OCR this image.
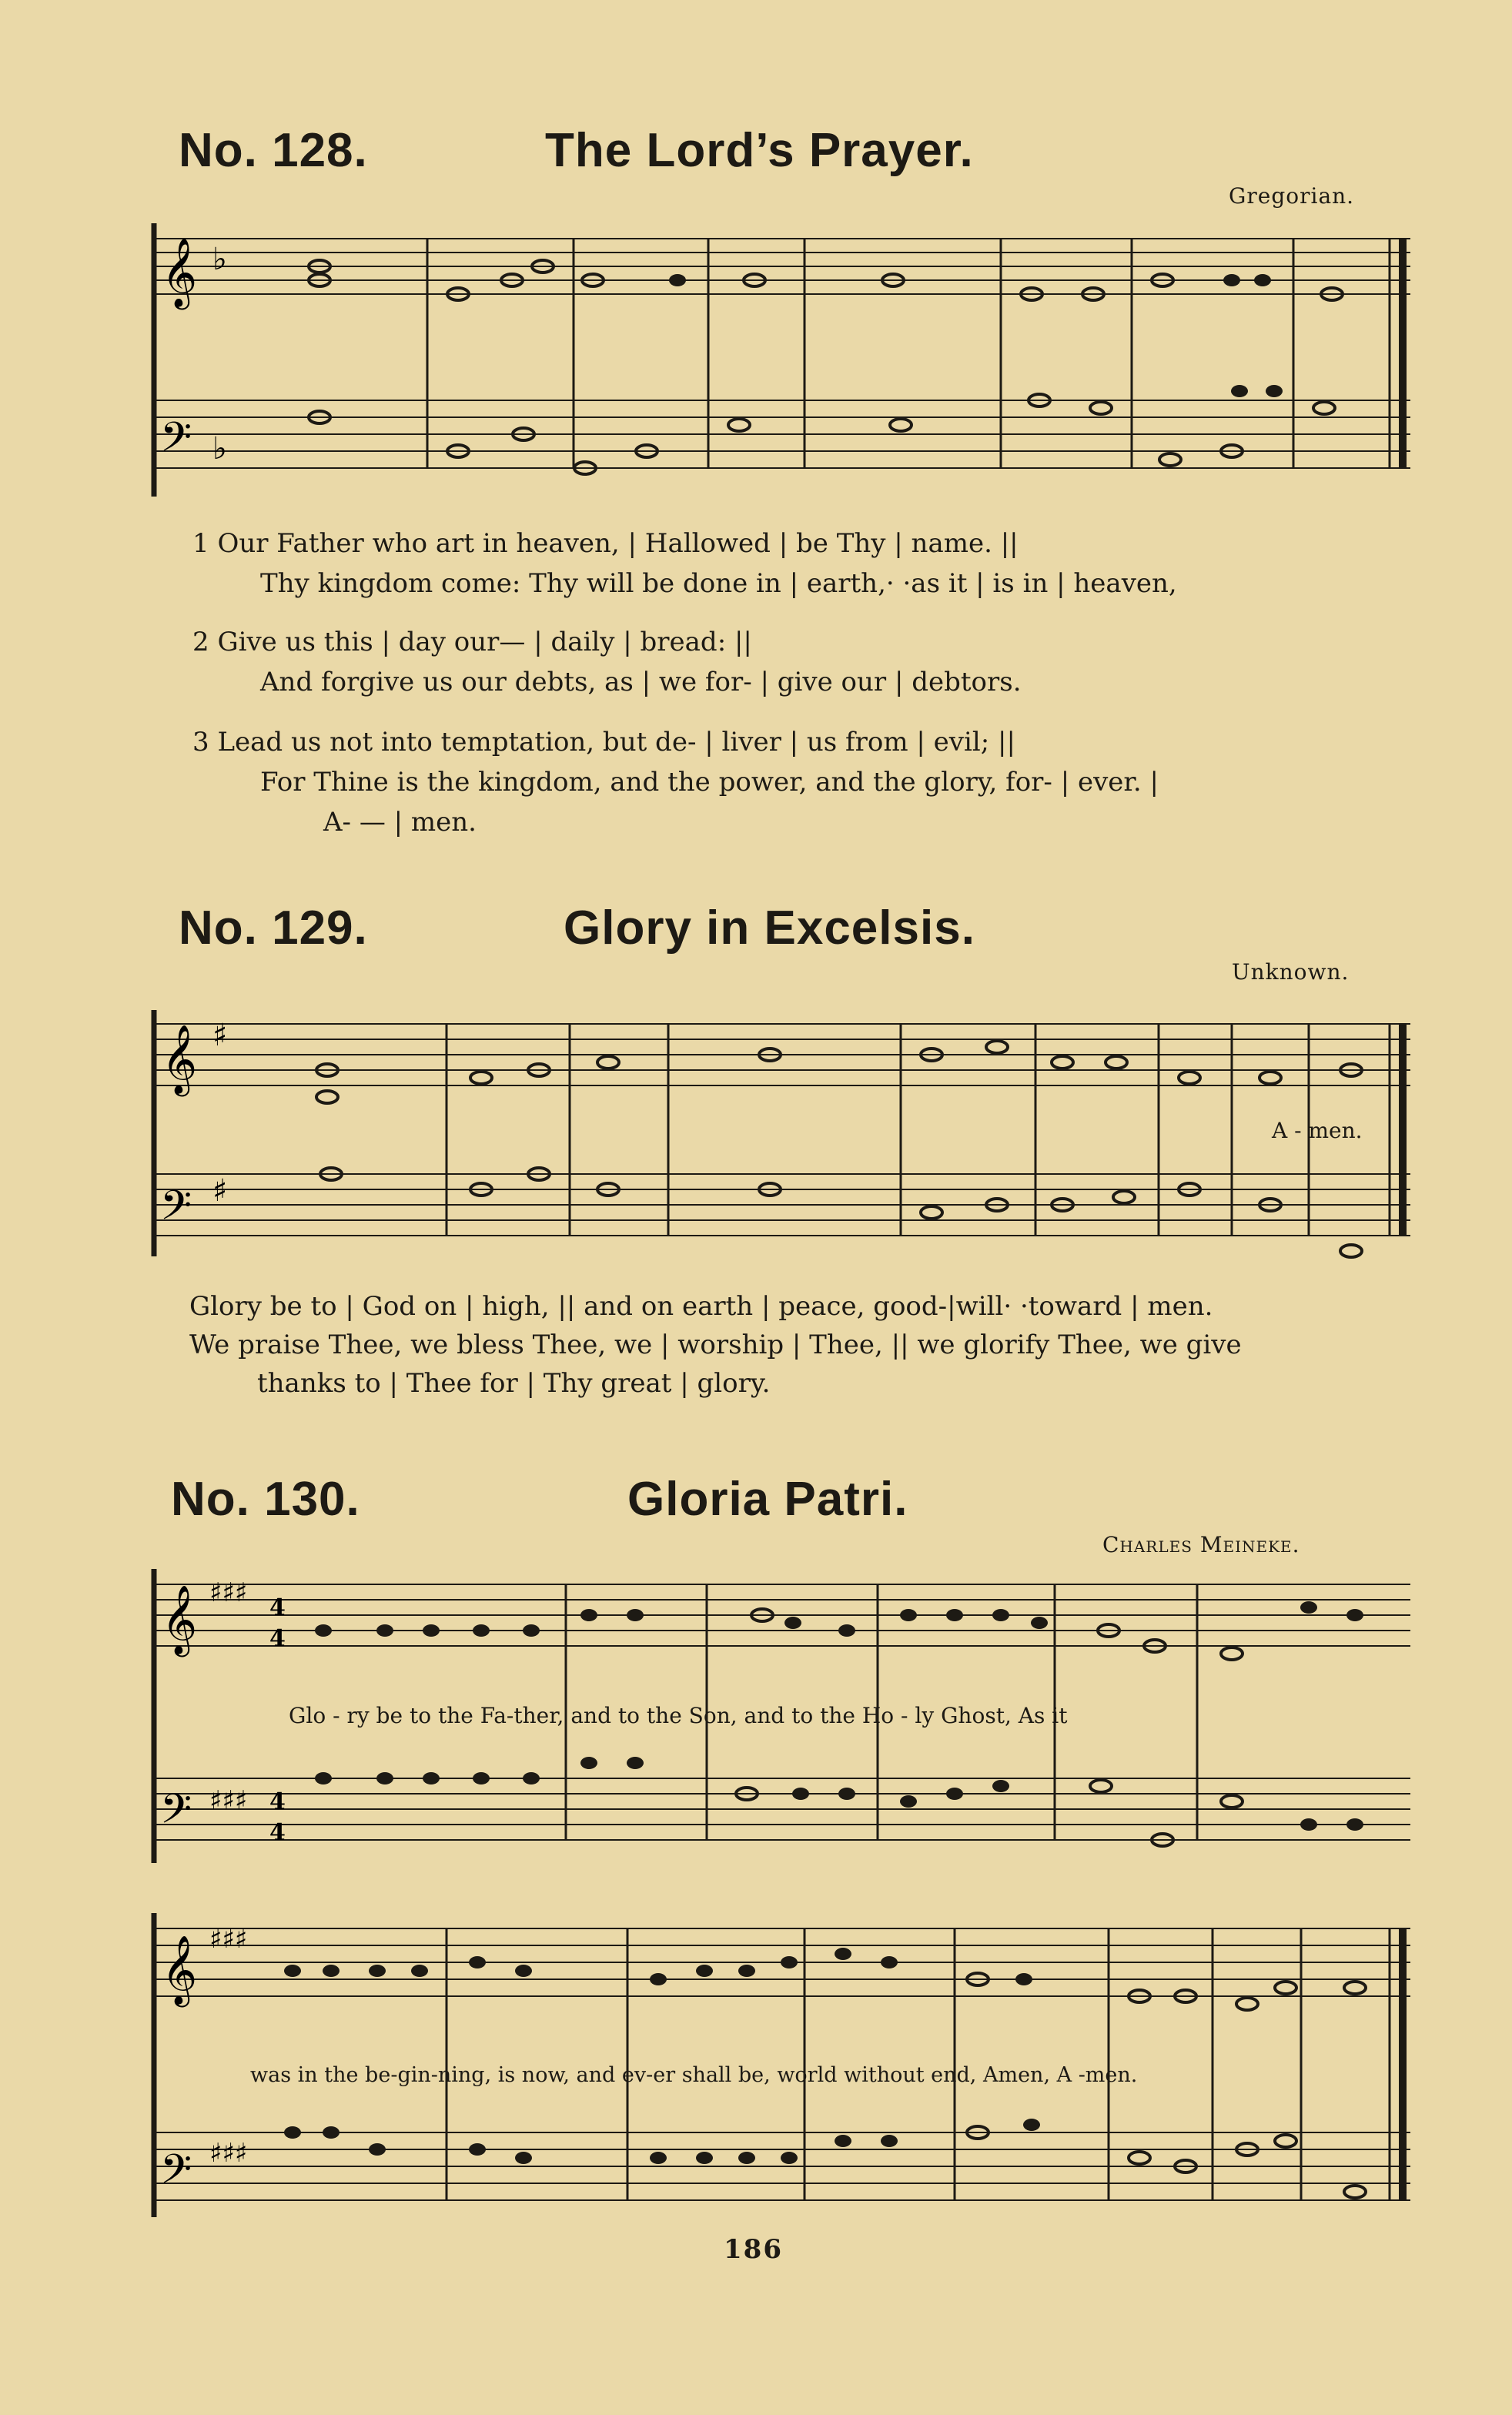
No. 128.	The Lord’s Prayer.
Gregorian.
𝄞 ♭
𝄢 ♭
𝄞 ♯
𝄢 ♯
𝄞 ♯♯♯ 4
4
𝄢 ♯♯♯ 4
4
𝄞 ♯♯♯
𝄢 ♯♯♯
1 Our Father who art in heaven, | Hallowed | be Thy | name. ||
Thy kingdom come: Thy will be done in | earth,· ·as it | is in | heaven,
2 Give us this | day our— | daily | bread: ||
And forgive us our debts, as | we for- | give our | debtors.
3 Lead us not into temptation, but de- | liver | us from | evil; ||
For Thine is the kingdom, and the power, and the glory, for- | ever. |
A- — | men.
No. 129.	Glory in Excelsis.
Unknown.
A - men.
Glory be to | God on | high, || and on earth | peace, good-|will· ·toward | men.
We praise Thee, we bless Thee, we | worship | Thee, || we glorify Thee, we give
thanks to | Thee for | Thy great | glory.
No. 130.	Gloria Patri.
Charles Meineke.
Glo - ry be to the Fa-ther, and to the Son, and to the Ho - ly Ghost, As it
was in the be-gin-ning, is now, and ev-er shall be, world without end, Amen, A -men.
186
